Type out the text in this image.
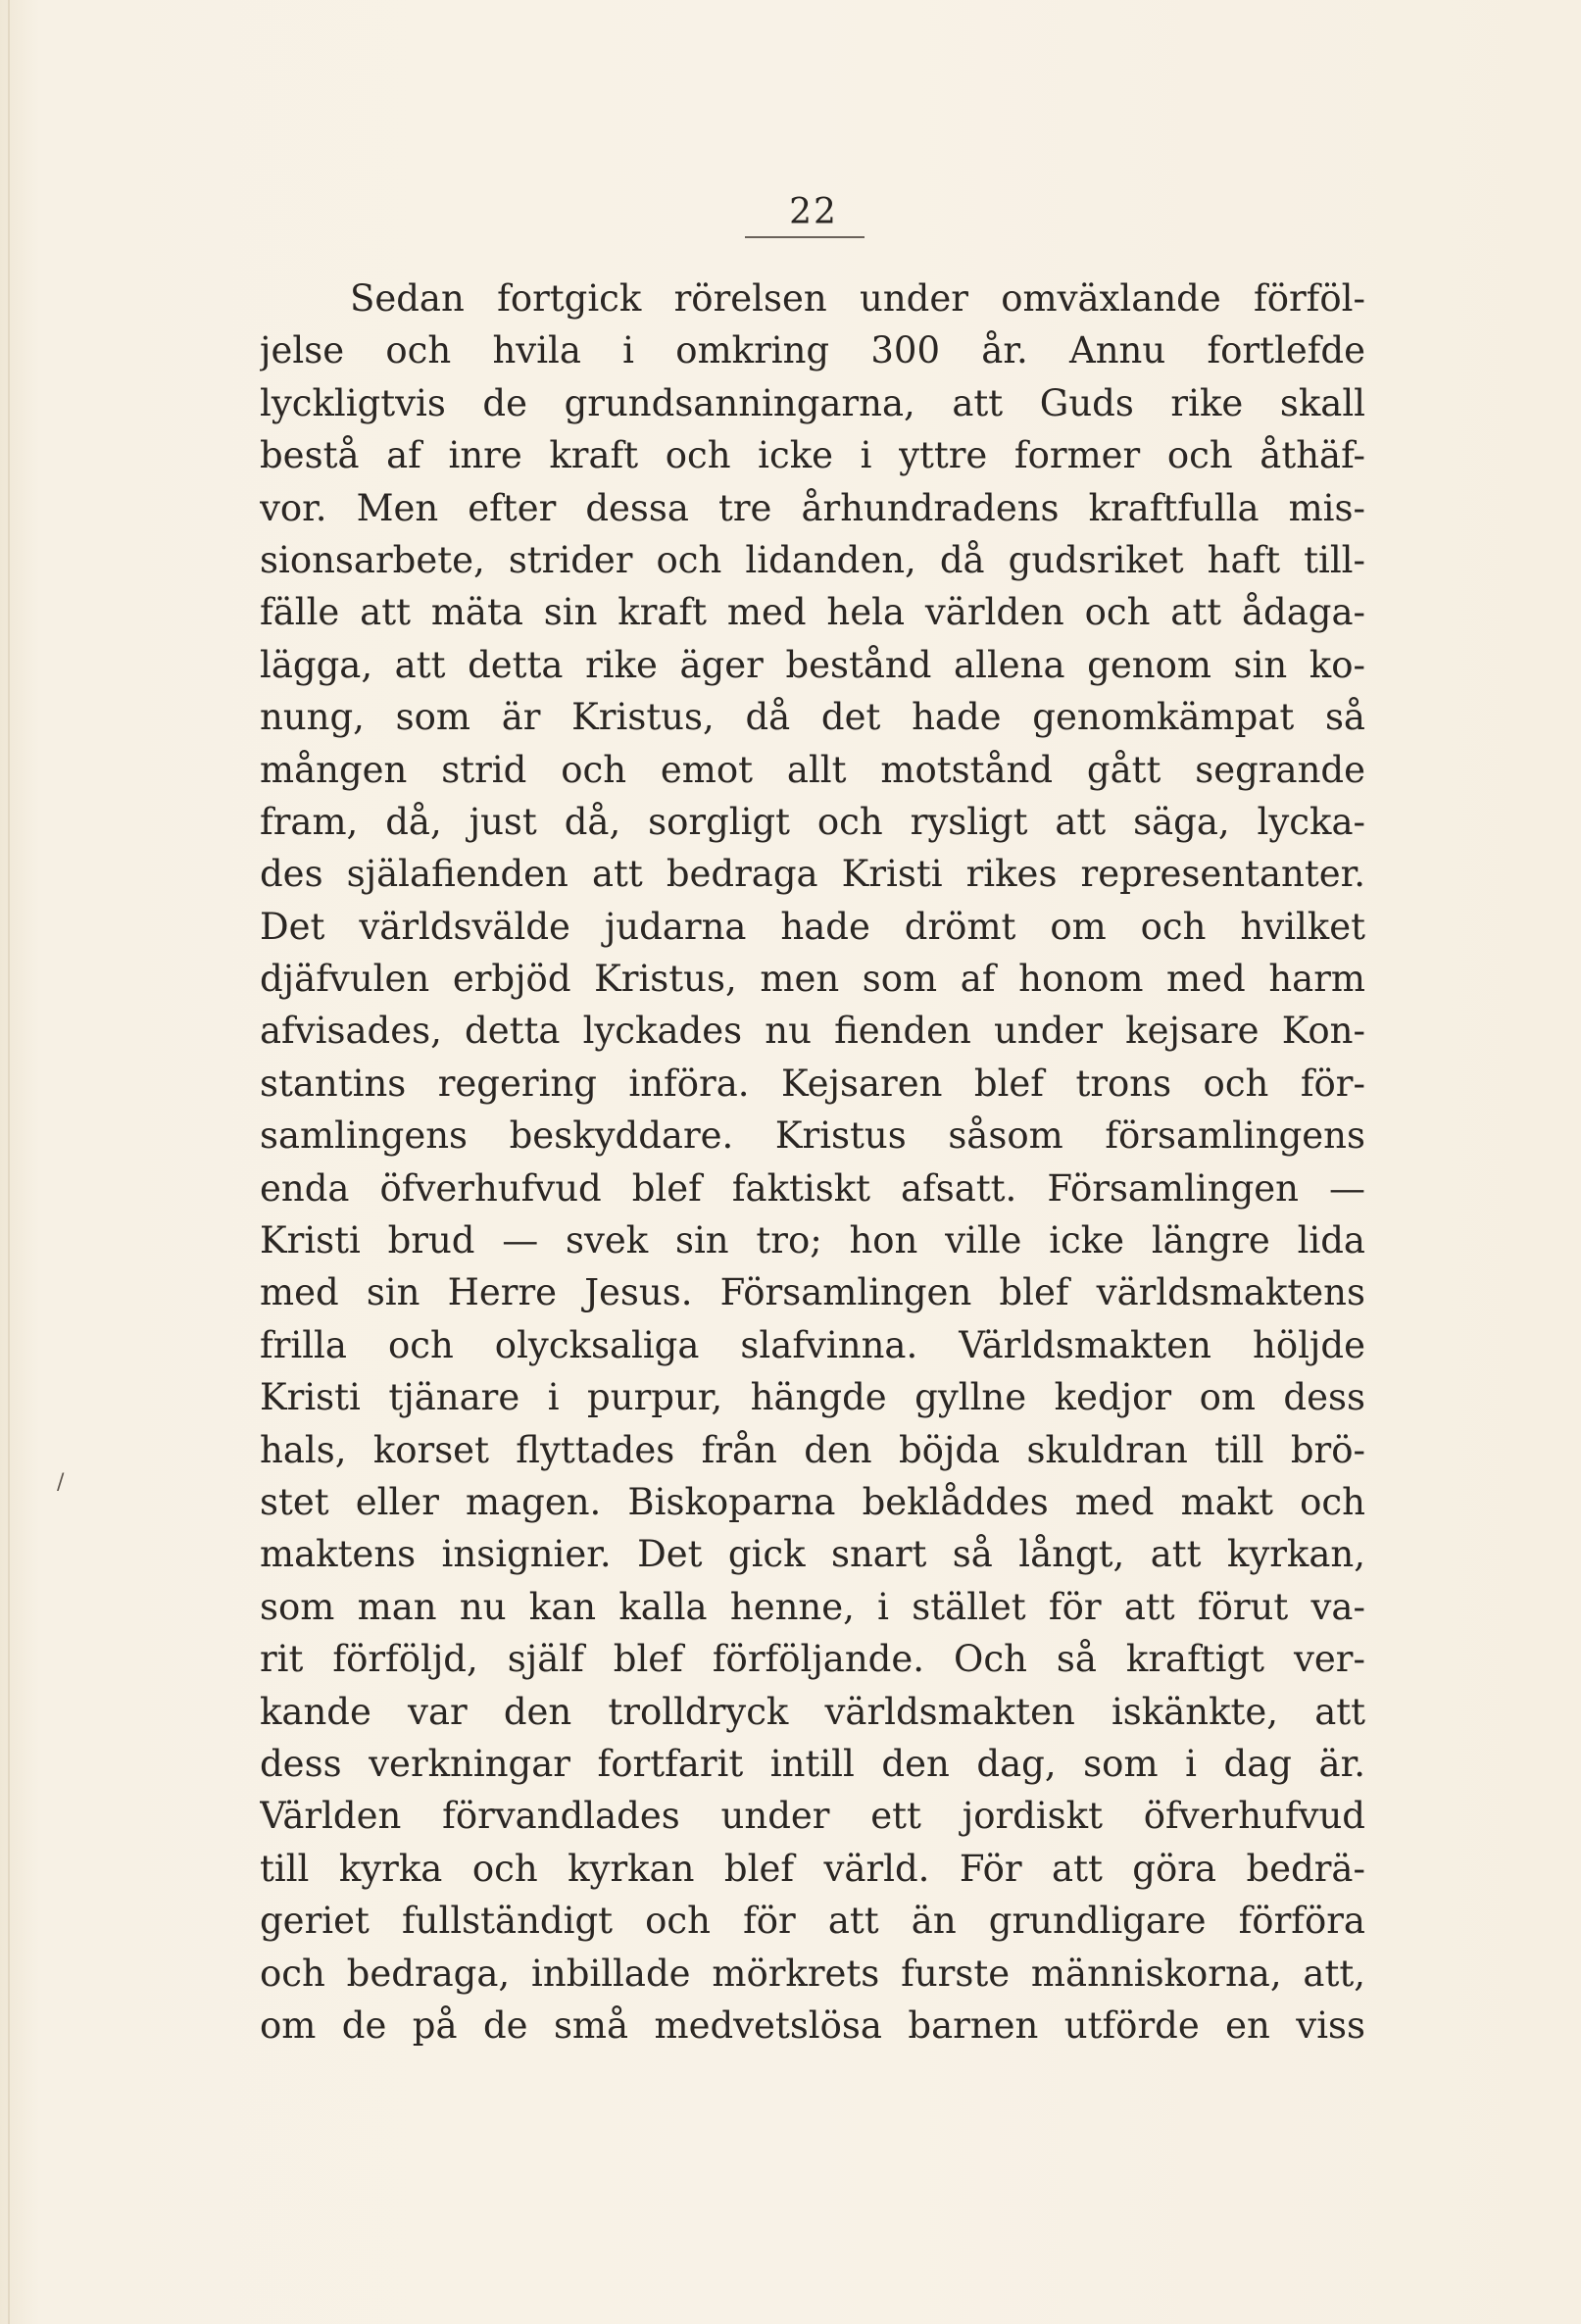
22
/
Sedan fortgick rörelsen under omväxlande förföl-
jelse och hvila i omkring 300 år. Annu fortlefde
lyckligtvis de grundsanningarna, att Guds rike skall
bestå af inre kraft och icke i yttre former och åthäf-
vor. Men efter dessa tre århundradens kraftfulla mis-
sionsarbete, strider och lidanden, då gudsriket haft till-
fälle att mäta sin kraft med hela världen och att ådaga-
lägga, att detta rike äger bestånd allena genom sin ko-
nung, som är Kristus, då det hade genomkämpat så
mången strid och emot allt motstånd gått segrande
fram, då, just då, sorgligt och rysligt att säga, lycka-
des själafienden att bedraga Kristi rikes representanter.
Det världsvälde judarna hade drömt om och hvilket
djäfvulen erbjöd Kristus, men som af honom med harm
afvisades, detta lyckades nu fienden under kejsare Kon-
stantins regering införa. Kejsaren blef trons och för-
samlingens beskyddare. Kristus såsom församlingens
enda öfverhufvud blef faktiskt afsatt. Församlingen —
Kristi brud — svek sin tro; hon ville icke längre lida
med sin Herre Jesus. Församlingen blef världsmaktens
frilla och olycksaliga slafvinna. Världsmakten höljde
Kristi tjänare i purpur, hängde gyllne kedjor om dess
hals, korset flyttades från den böjda skuldran till brö-
stet eller magen. Biskoparna beklåddes med makt och
maktens insignier. Det gick snart så långt, att kyrkan,
som man nu kan kalla henne, i stället för att förut va-
rit förföljd, själf blef förföljande. Och så kraftigt ver-
kande var den trolldryck världsmakten iskänkte, att
dess verkningar fortfarit intill den dag, som i dag är.
Världen förvandlades under ett jordiskt öfverhufvud
till kyrka och kyrkan blef värld. För att göra bedrä-
geriet fullständigt och för att än grundligare förföra
och bedraga, inbillade mörkrets furste människorna, att,
om de på de små medvetslösa barnen utförde en viss
